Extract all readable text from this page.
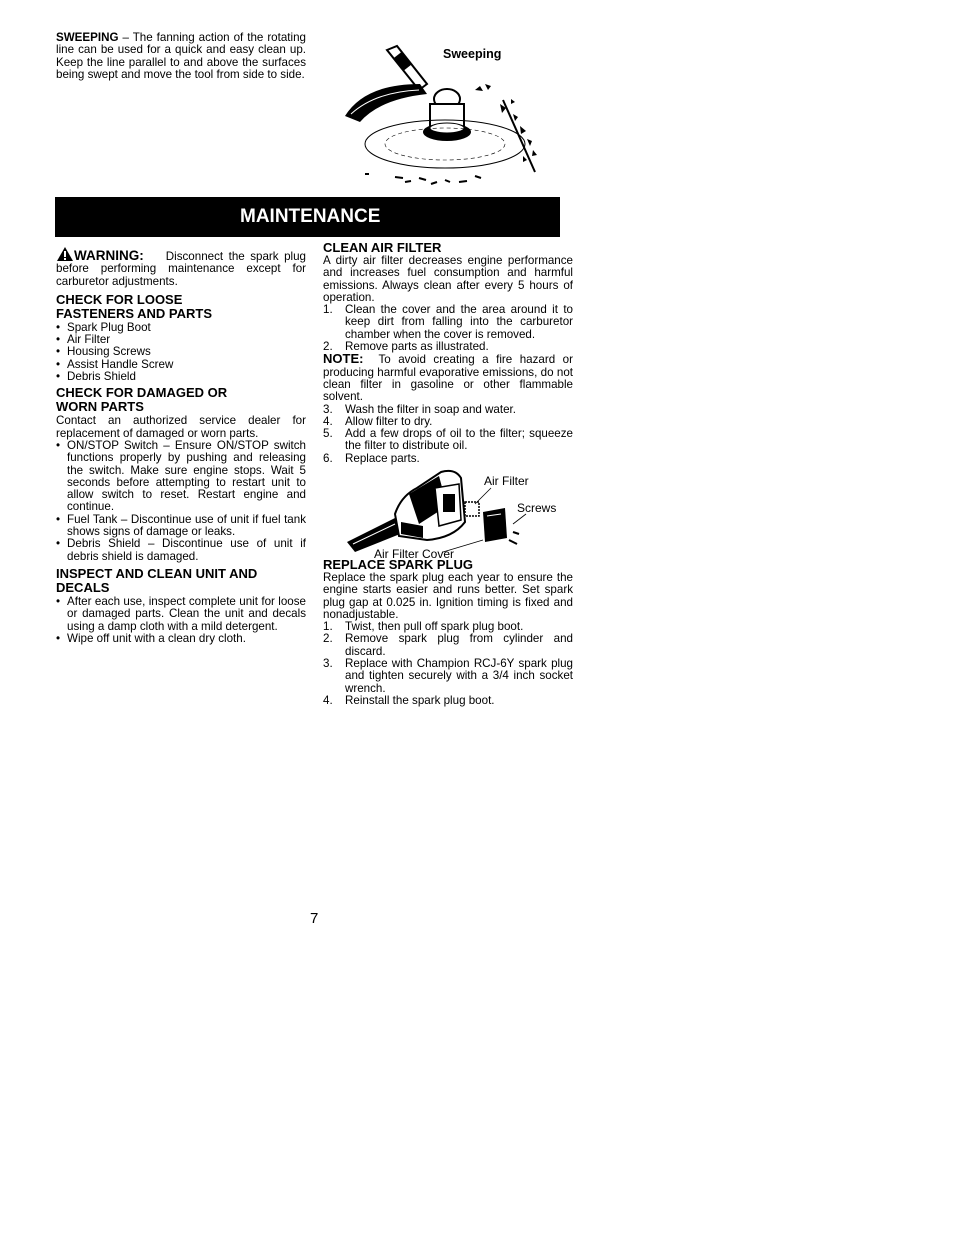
SWEEPING – The fanning action of the rotating line can be used for a quick and easy clean up. Keep the line parallel to and above the surfaces being swept and move the tool from side to side.

Sweeping
MAINTENANCE

WARNING: Disconnect the spark plug before performing maintenance except for carburetor adjustments.

CHECK FOR LOOSE FASTENERS AND PARTS

• Spark Plug Boot
• Air Filter
• Housing Screws
• Assist Handle Screw
• Debris Shield

CHECK FOR DAMAGED OR WORN PARTS

Contact an authorized service dealer for replacement of damaged or worn parts.

• ON/STOP Switch – Ensure ON/STOP switch functions properly by pushing and releasing the switch. Make sure engine stops. Wait 5 seconds before attempting to restart unit to allow switch to reset. Restart engine and continue.
• Fuel Tank – Discontinue use of unit if fuel tank shows signs of damage or leaks.
• Debris Shield – Discontinue use of unit if debris shield is damaged.

INSPECT AND CLEAN UNIT AND DECALS

• After each use, inspect complete unit for loose or damaged parts. Clean the unit and decals using a damp cloth with a mild detergent.
• Wipe off unit with a clean dry cloth.

CLEAN AIR FILTER

A dirty air filter decreases engine performance and increases fuel consumption and harmful emissions. Always clean after every 5 hours of operation.

1. Clean the cover and the area around it to keep dirt from falling into the carburetor chamber when the cover is removed.
2. Remove parts as illustrated.

NOTE: To avoid creating a fire hazard or producing harmful evaporative emissions, do not clean filter in gasoline or other flammable solvent.

3. Wash the filter in soap and water.
4. Allow filter to dry.
5. Add a few drops of oil to the filter; squeeze the filter to distribute oil.
6. Replace parts.
Air Filter
Screws
Air Filter Cover

REPLACE SPARK PLUG

Replace the spark plug each year to ensure the engine starts easier and runs better. Set spark plug gap at 0.025 in. Ignition timing is fixed and nonadjustable.

1. Twist, then pull off spark plug boot.
2. Remove spark plug from cylinder and discard.
3. Replace with Champion RCJ-6Y spark plug and tighten securely with a 3/4 inch socket wrench.
4. Reinstall the spark plug boot.
7
